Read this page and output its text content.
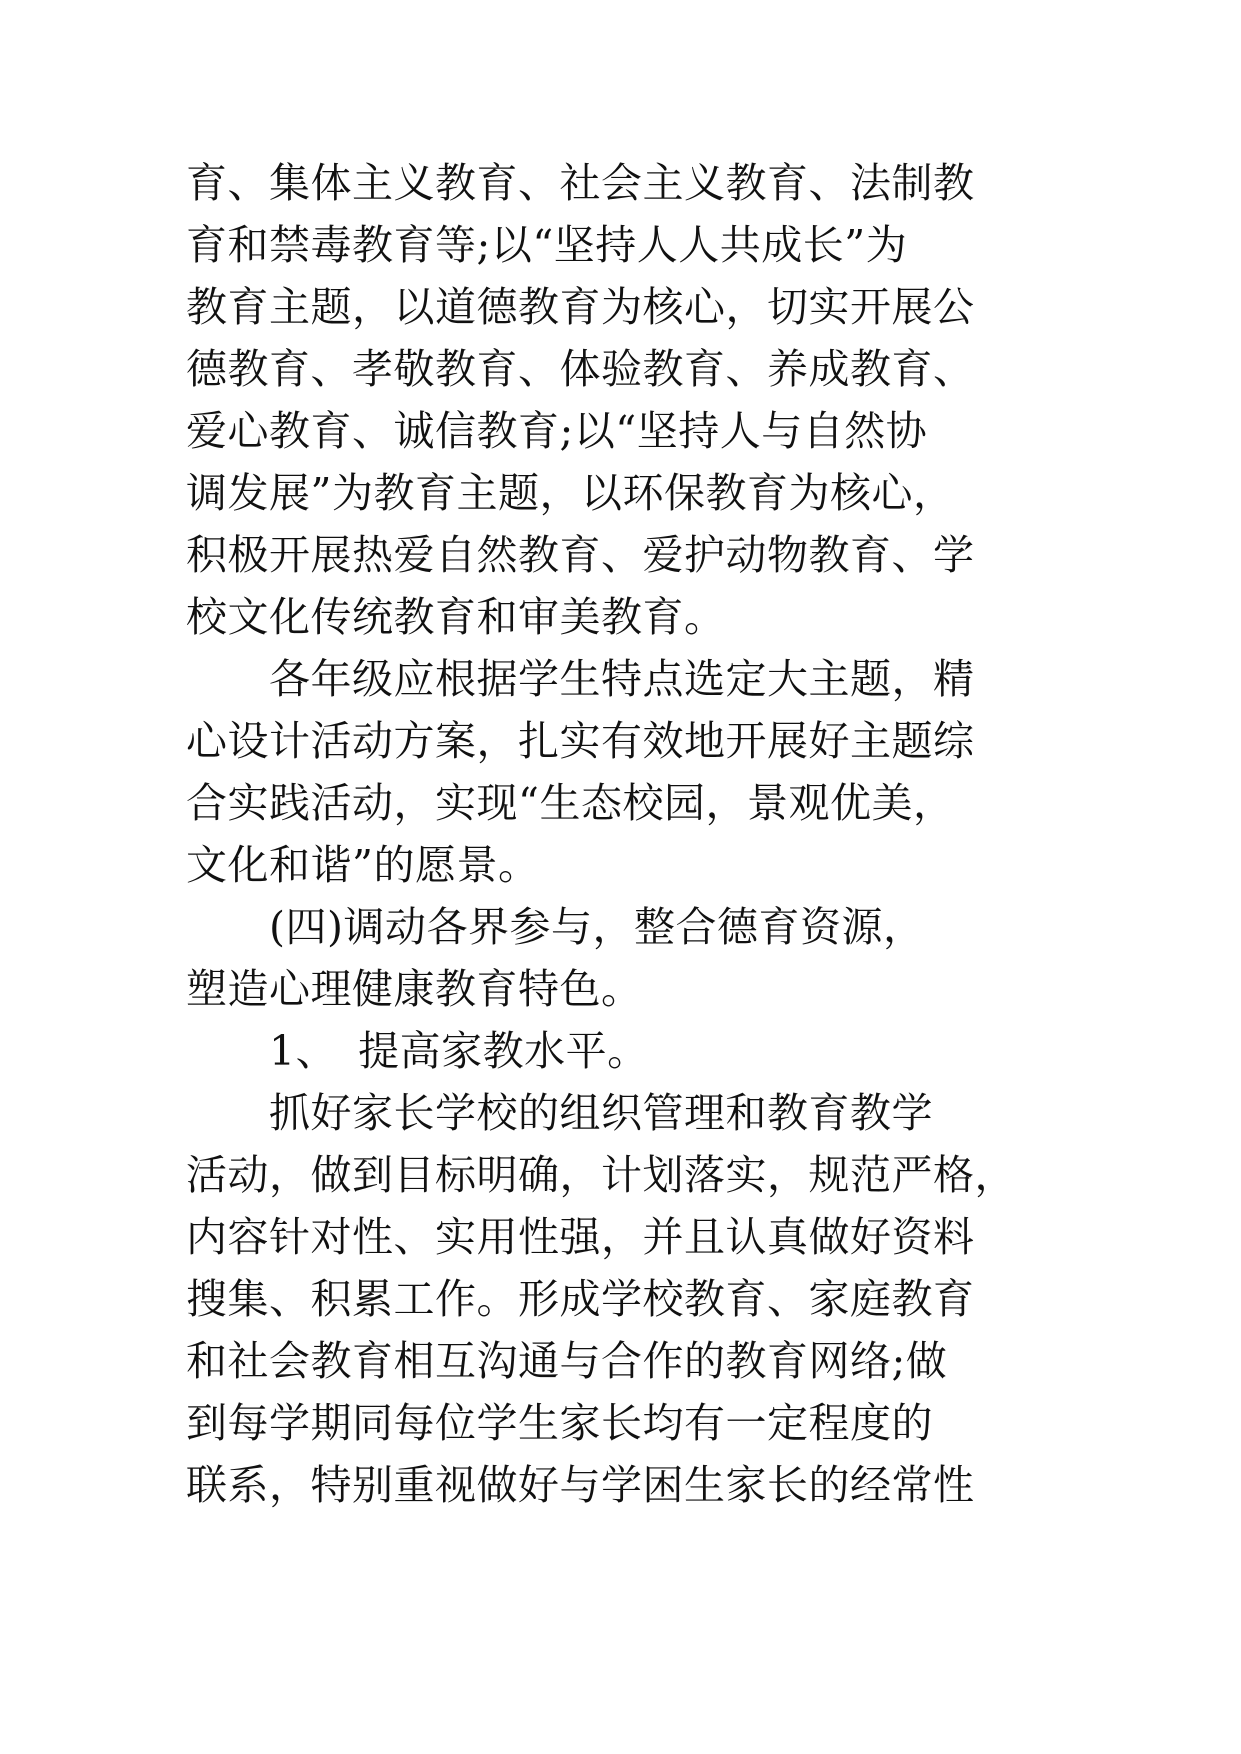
育、集体主义教育、社会主义教育、法制教
育和禁毒教育等;以“坚持人人共成长”为
教育主题，以道德教育为核心，切实开展公
德教育、孝敬教育、体验教育、养成教育、
爱心教育、诚信教育;以“坚持人与自然协
调发展”为教育主题，以环保教育为核心，
积极开展热爱自然教育、爱护动物教育、学
校文化传统教育和审美教育。
　　各年级应根据学生特点选定大主题，精
心设计活动方案，扎实有效地开展好主题综
合实践活动，实现“生态校园，景观优美，
文化和谐”的愿景。
　　(四)调动各界参与，整合德育资源，
塑造心理健康教育特色。
　　1、　提高家教水平。
　　抓好家长学校的组织管理和教育教学
活动，做到目标明确，计划落实，规范严格，
内容针对性、实用性强，并且认真做好资料
搜集、积累工作。形成学校教育、家庭教育
和社会教育相互沟通与合作的教育网络;做
到每学期同每位学生家长均有一定程度的
联系，特别重视做好与学困生家长的经常性
